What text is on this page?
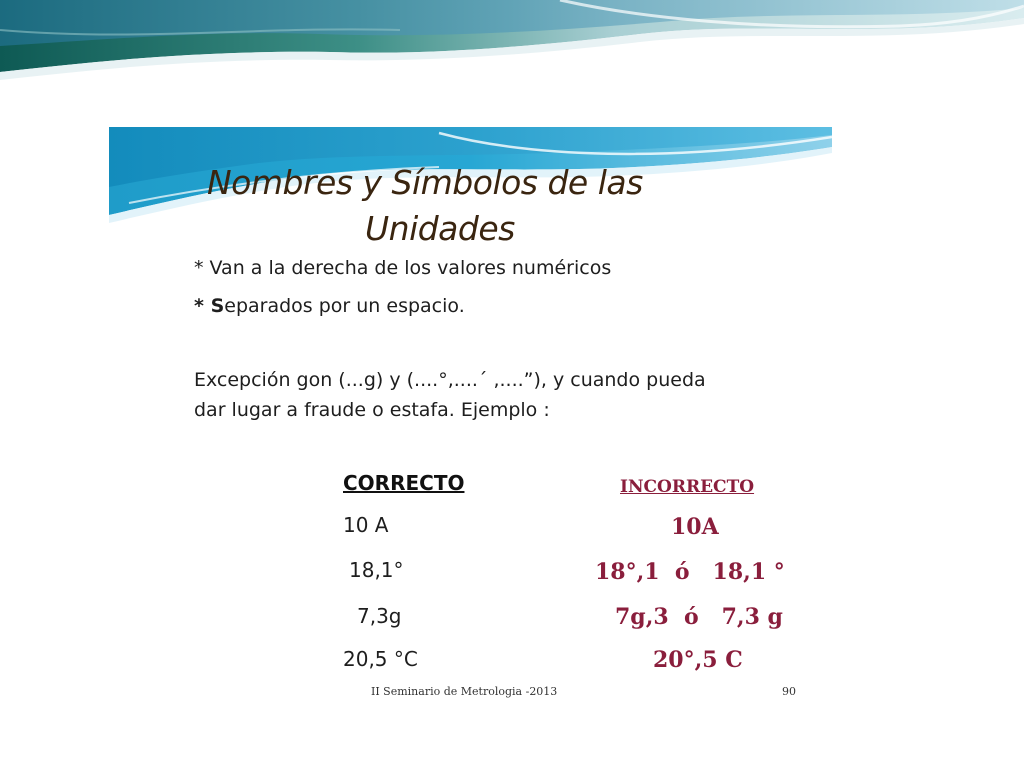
Nombres y Símbolos de las
Unidades

* Van a la derecha de los valores numéricos

* Separados por un espacio.

Excepción gon (...g) y (....°,....´ ,....”), y cuando pueda
dar lugar a fraude o estafa. Ejemplo :

CORRECTO	INCORRECTO

10 A

18,1°

7,3g

20,5 °C

10A

18°,1  ó   18,1 °

7g,3  ó   7,3 g

20°,5 C

II Seminario de Metrologia -2013	90
